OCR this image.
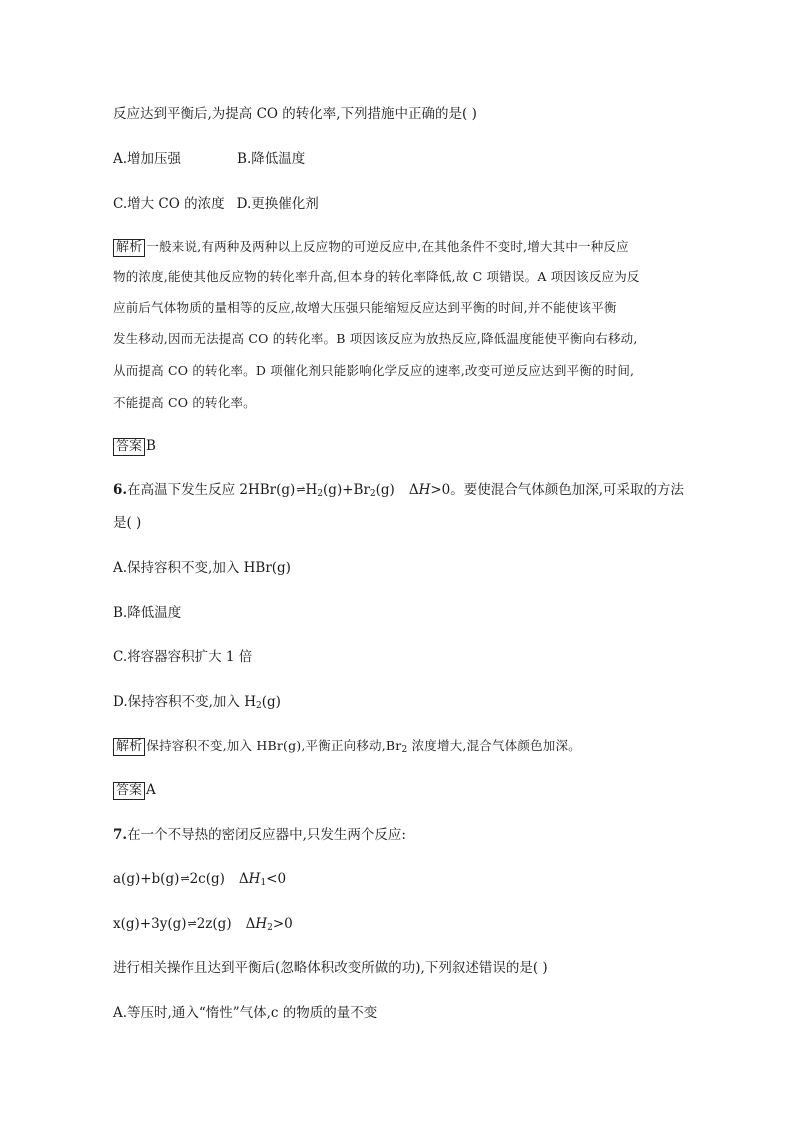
反应达到平衡后,为提高 CO 的转化率,下列措施中正确的是( )
A.增加压强	B.降低温度
C.增大 CO 的浓度 D.更换催化剂
解析 一般来说,有两种及两种以上反应物的可逆反应中,在其他条件不变时,增大其中一种反应
物的浓度,能使其他反应物的转化率升高,但本身的转化率降低,故 C 项错误。A 项因该反应为反
应前后气体物质的量相等的反应,故增大压强只能缩短反应达到平衡的时间,并不能使该平衡
发生移动,因而无法提高 CO 的转化率。B 项因该反应为放热反应,降低温度能使平衡向右移动,
从而提高 CO 的转化率。D 项催化剂只能影响化学反应的速率,改变可逆反应达到平衡的时间,
不能提高 CO 的转化率。
答案 B
6.在高温下发生反应 $2HBr(g)\rightleftharpoons H_2(g)+Br_2(g)$ ΔH>0。要使混合气体颜色加深,可采取的方法
是( )
A.保持容积不变,加入 HBr(g)
B.降低温度
C.将容器容积扩大 1 倍
D.保持容积不变,加入 $H_2(g)$
解析 保持容积不变,加入 HBr(g),平衡正向移动$,Br_2$ 浓度增大,混合气体颜色加深。
答案 A
7.在一个不导热的密闭反应器中,只发生两个反应:
a(g)+b(g)⇌2c(g) $\Delta H_1<0$
x(g)+3y(g)⇌2z(g) $\Delta H_2>0$
进行相关操作且达到平衡后(忽略体积改变所做的功),下列叙述错误的是( )
A.等压时,通入“惰性”气体,c 的物质的量不变
